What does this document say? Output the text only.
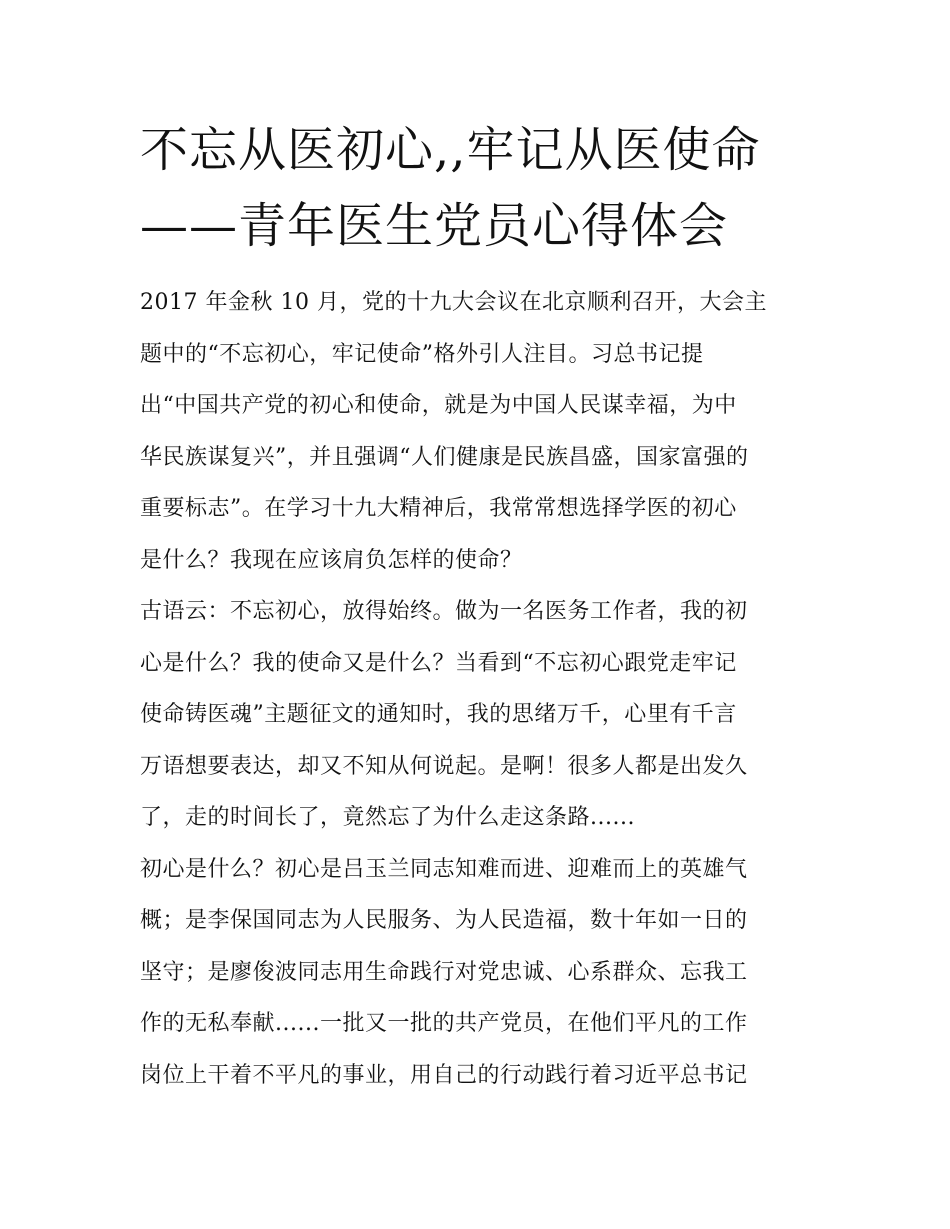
不忘从医初心,,牢记从医使命
——青年医生党员心得体会
2017 年金秋 10 月，党的十九大会议在北京顺利召开，大会主
题中的“不忘初心，牢记使命”格外引人注目。习总书记提
出“中国共产党的初心和使命，就是为中国人民谋幸福，为中
华民族谋复兴”，并且强调“人们健康是民族昌盛，国家富强的
重要标志”。在学习十九大精神后，我常常想选择学医的初心
是什么？我现在应该肩负怎样的使命？
古语云：不忘初心，放得始终。做为一名医务工作者，我的初
心是什么？我的使命又是什么？当看到“不忘初心跟党走牢记
使命铸医魂”主题征文的通知时，我的思绪万千，心里有千言
万语想要表达，却又不知从何说起。是啊！很多人都是出发久
了，走的时间长了，竟然忘了为什么走这条路......
初心是什么？初心是吕玉兰同志知难而进、迎难而上的英雄气
概；是李保国同志为人民服务、为人民造福，数十年如一日的
坚守；是廖俊波同志用生命践行对党忠诚、心系群众、忘我工
作的无私奉献......一批又一批的共产党员，在他们平凡的工作
岗位上干着不平凡的事业，用自己的行动践行着习近平总书记
